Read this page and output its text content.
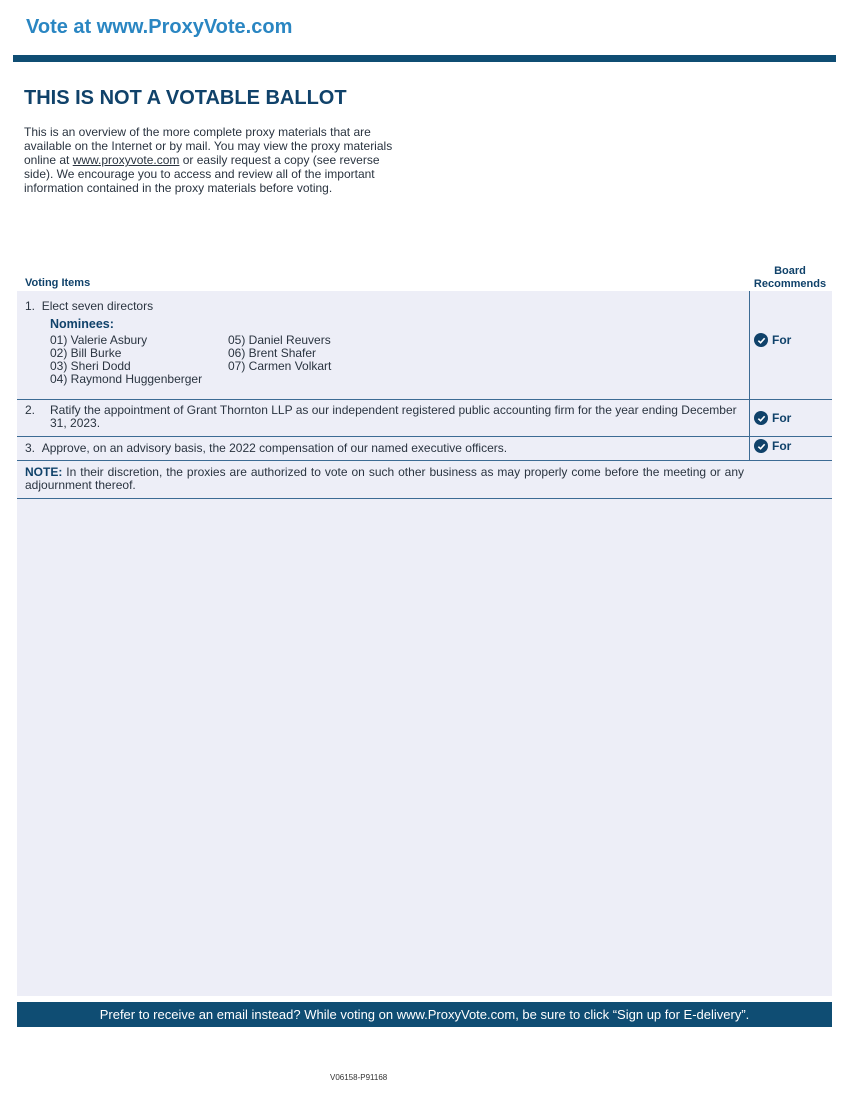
Vote at www.ProxyVote.com
THIS IS NOT A VOTABLE BALLOT
This is an overview of the more complete proxy materials that are available on the Internet or by mail. You may view the proxy materials online at www.proxyvote.com or easily request a copy (see reverse side). We encourage you to access and review all of the important information contained in the proxy materials before voting.
Voting Items
Board
Recommends
1. Elect seven directors
Nominees:
01) Valerie Asbury	05) Daniel Reuvers
02) Bill Burke	06) Brent Shafer
03) Sheri Dodd	07) Carmen Volkart
04) Raymond Huggenberger
For
2.	Ratify the appointment of Grant Thornton LLP as our independent registered public accounting firm for the year ending December 31, 2023.	For
3. Approve, on an advisory basis, the 2022 compensation of our named executive officers.	For
NOTE: In their discretion, the proxies are authorized to vote on such other business as may properly come before the meeting or any adjournment thereof.
Prefer to receive an email instead? While voting on www.ProxyVote.com, be sure to click “Sign up for E-delivery”.
V06158-P91168
